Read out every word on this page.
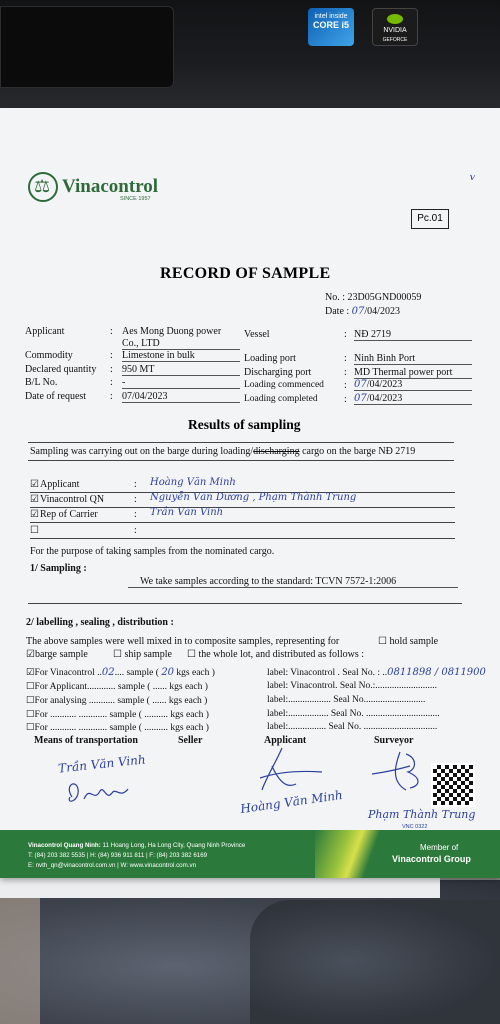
intel inside
CORE i5
NVIDIA
GEFORCE
⚖
Vinacontrol
SINCE 1957
ᵛ
Pc.01
RECORD OF SAMPLE
No. : 23D05GND00059
Date : 07/04/2023
Applicant	: Aes Mong Duong power
Co., LTD
Commodity	: Limestone in bulk
Declared quantity : 950 MT
B/L No.	: -
Date of request : 07/04/2023
Vessel	: NĐ 2719
Loading port	: Ninh Bình Port
Discharging port	: MD Thermal power port
Loading commenced : 07/04/2023
Loading completed	: 07/04/2023
Results of sampling
Sampling was carrying out on the barge during loading/discharging cargo on the barge NĐ 2719
☑ Applicant	: Hoàng Văn Minh
☑ Vinacontrol QN	: Nguyễn Văn Dương , Phạm Thành Trung
☑ Rep of Carrier	: Trần Văn Vinh
☐	:
For the purpose of taking samples from the nominated cargo.
1/ Sampling :
We take samples according to the standard: TCVN 7572-1:2006
2/ labelling , sealing , distribution :
The above samples were well mixed in to composite samples, representing for	☐ hold sample
☑barge sample	☐ ship sample ☐ the whole lot, and distributed as follows :
☑For Vinacontrol ..02.... sample ( 20 kgs each )	label: Vinacontrol . Seal No. : ..0811898 / 0811900
☐For Applicant............ sample ( ...... kgs each )	label: Vinacontrol. Seal No.:..........................
☐For analysing ........... sample ( ...... kgs each )	label:.................. Seal No..........................
☐For ........... ............ sample ( .......... kgs each )	label:................. Seal No. ...............................
☐For ........... ............ sample ( .......... kgs each )	label:................ Seal No. ...............................
Means of transportation	Seller	Applicant	Surveyor
Trần Văn Vinh
Hoàng Văn Minh Phạm Thành Trung
VNC 0322
Vinacontrol Quang Ninh: 11 Hoang Long, Ha Long City, Quang Ninh Province
T: (84) 203 382 5535 | H: (84) 936 911 811 | F: (84) 203 382 6169
E: nvth_qn@vinacontrol.com.vn | W: www.vinacontrol.com.vn
Member of
Vinacontrol Group
